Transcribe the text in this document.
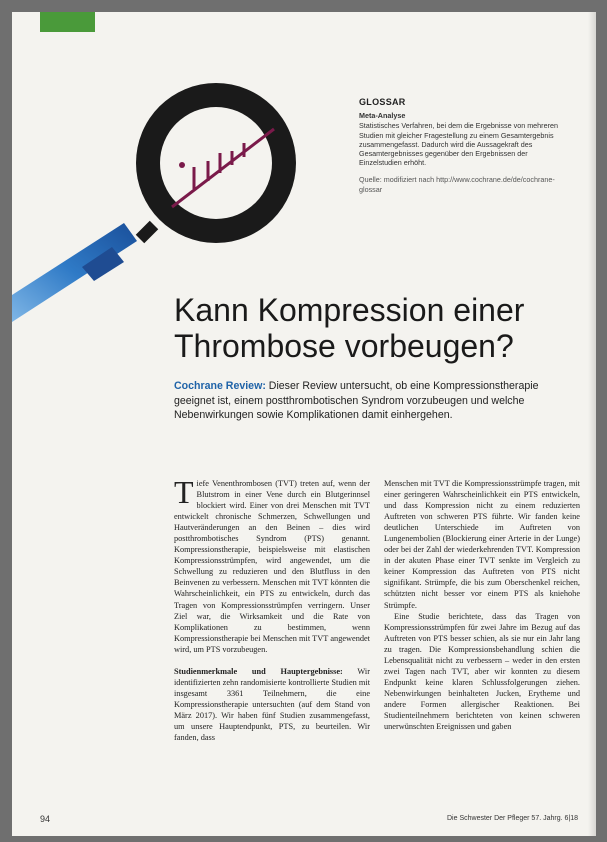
GLOSSAR
Meta-Analyse
Statistisches Verfahren, bei dem die Ergebnisse von mehreren Studien mit gleicher Fragestellung zu einem Gesamtergebnis zusammengefasst. Dadurch wird die Aussagekraft des Gesamtergebnisses gegenüber den Ergebnissen der Einzelstudien erhöht.
Quelle: modifiziert nach http://www.cochrane.de/de/cochrane-glossar
Kann Kompression einer
Thrombose vorbeugen?
Cochrane Review: Dieser Review untersucht, ob eine Kompressionstherapie geeignet ist, einem postthrombotischen Syndrom vorzubeugen und welche Nebenwirkungen sowie Komplikationen damit einhergehen.

Tiefe Venenthrombosen (TVT) treten auf, wenn der Blutstrom in einer Vene durch ein Blutgerinnsel blockiert wird. Einer von drei Menschen mit TVT entwickelt chronische Schmerzen, Schwellungen und Hautveränderungen an den Beinen – dies wird postthrombotisches Syndrom (PTS) genannt. Kompressionstherapie, beispielsweise mit elastischen Kompressionsstrümpfen, wird angewendet, um die Schwellung zu reduzieren und den Blutfluss in den Beinvenen zu verbessern. Menschen mit TVT könnten die Wahrscheinlichkeit, ein PTS zu entwickeln, durch das Tragen von Kompressionsstrümpfen verringern. Unser Ziel war, die Wirksamkeit und die Rate von Komplikationen zu bestimmen, wenn Kompressionstherapie bei Menschen mit TVT angewendet wird, um PTS vorzubeugen.

Studienmerkmale und Hauptergebnisse: Wir identifizierten zehn randomisierte kontrollierte Studien mit insgesamt 3361 Teilnehmern, die eine Kompressionstherapie untersuchten (auf dem Stand von März 2017). Wir haben fünf Studien zusammengefasst, um unsere Hauptendpunkt, PTS, zu beurteilen. Wir fanden, dass

Menschen mit TVT die Kompressionsstrümpfe tragen, mit einer geringeren Wahrscheinlichkeit ein PTS entwickeln, und dass Kompression nicht zu einem reduzierten Auftreten von schweren PTS führte. Wir fanden keine deutlichen Unterschiede im Auftreten von Lungenembolien (Blockierung einer Arterie in der Lunge) oder bei der Zahl der wiederkehrenden TVT. Kompression in der akuten Phase einer TVT senkte im Vergleich zu keiner Kompression das Auftreten von PTS nicht signifikant. Strümpfe, die bis zum Oberschenkel reichen, schützten nicht besser vor einem PTS als kniehohe Strümpfe.

Eine Studie berichtete, dass das Tragen von Kompressionsstrümpfen für zwei Jahre im Bezug auf das Auftreten von PTS besser schien, als sie nur ein Jahr lang zu tragen. Die Kompressionsbehandlung schien die Lebensqualität nicht zu verbessern – weder in den ersten zwei Tagen nach TVT, aber wir konnten zu diesem Endpunkt keine klaren Schlussfolgerungen ziehen. Nebenwirkungen beinhalteten Jucken, Erytheme und andere Formen allergischer Reaktionen. Bei Studienteilnehmern berichteten von keinen schweren unerwünschten Ereignissen und gaben

94	Die Schwester Der Pfleger 57. Jahrg. 6|18
